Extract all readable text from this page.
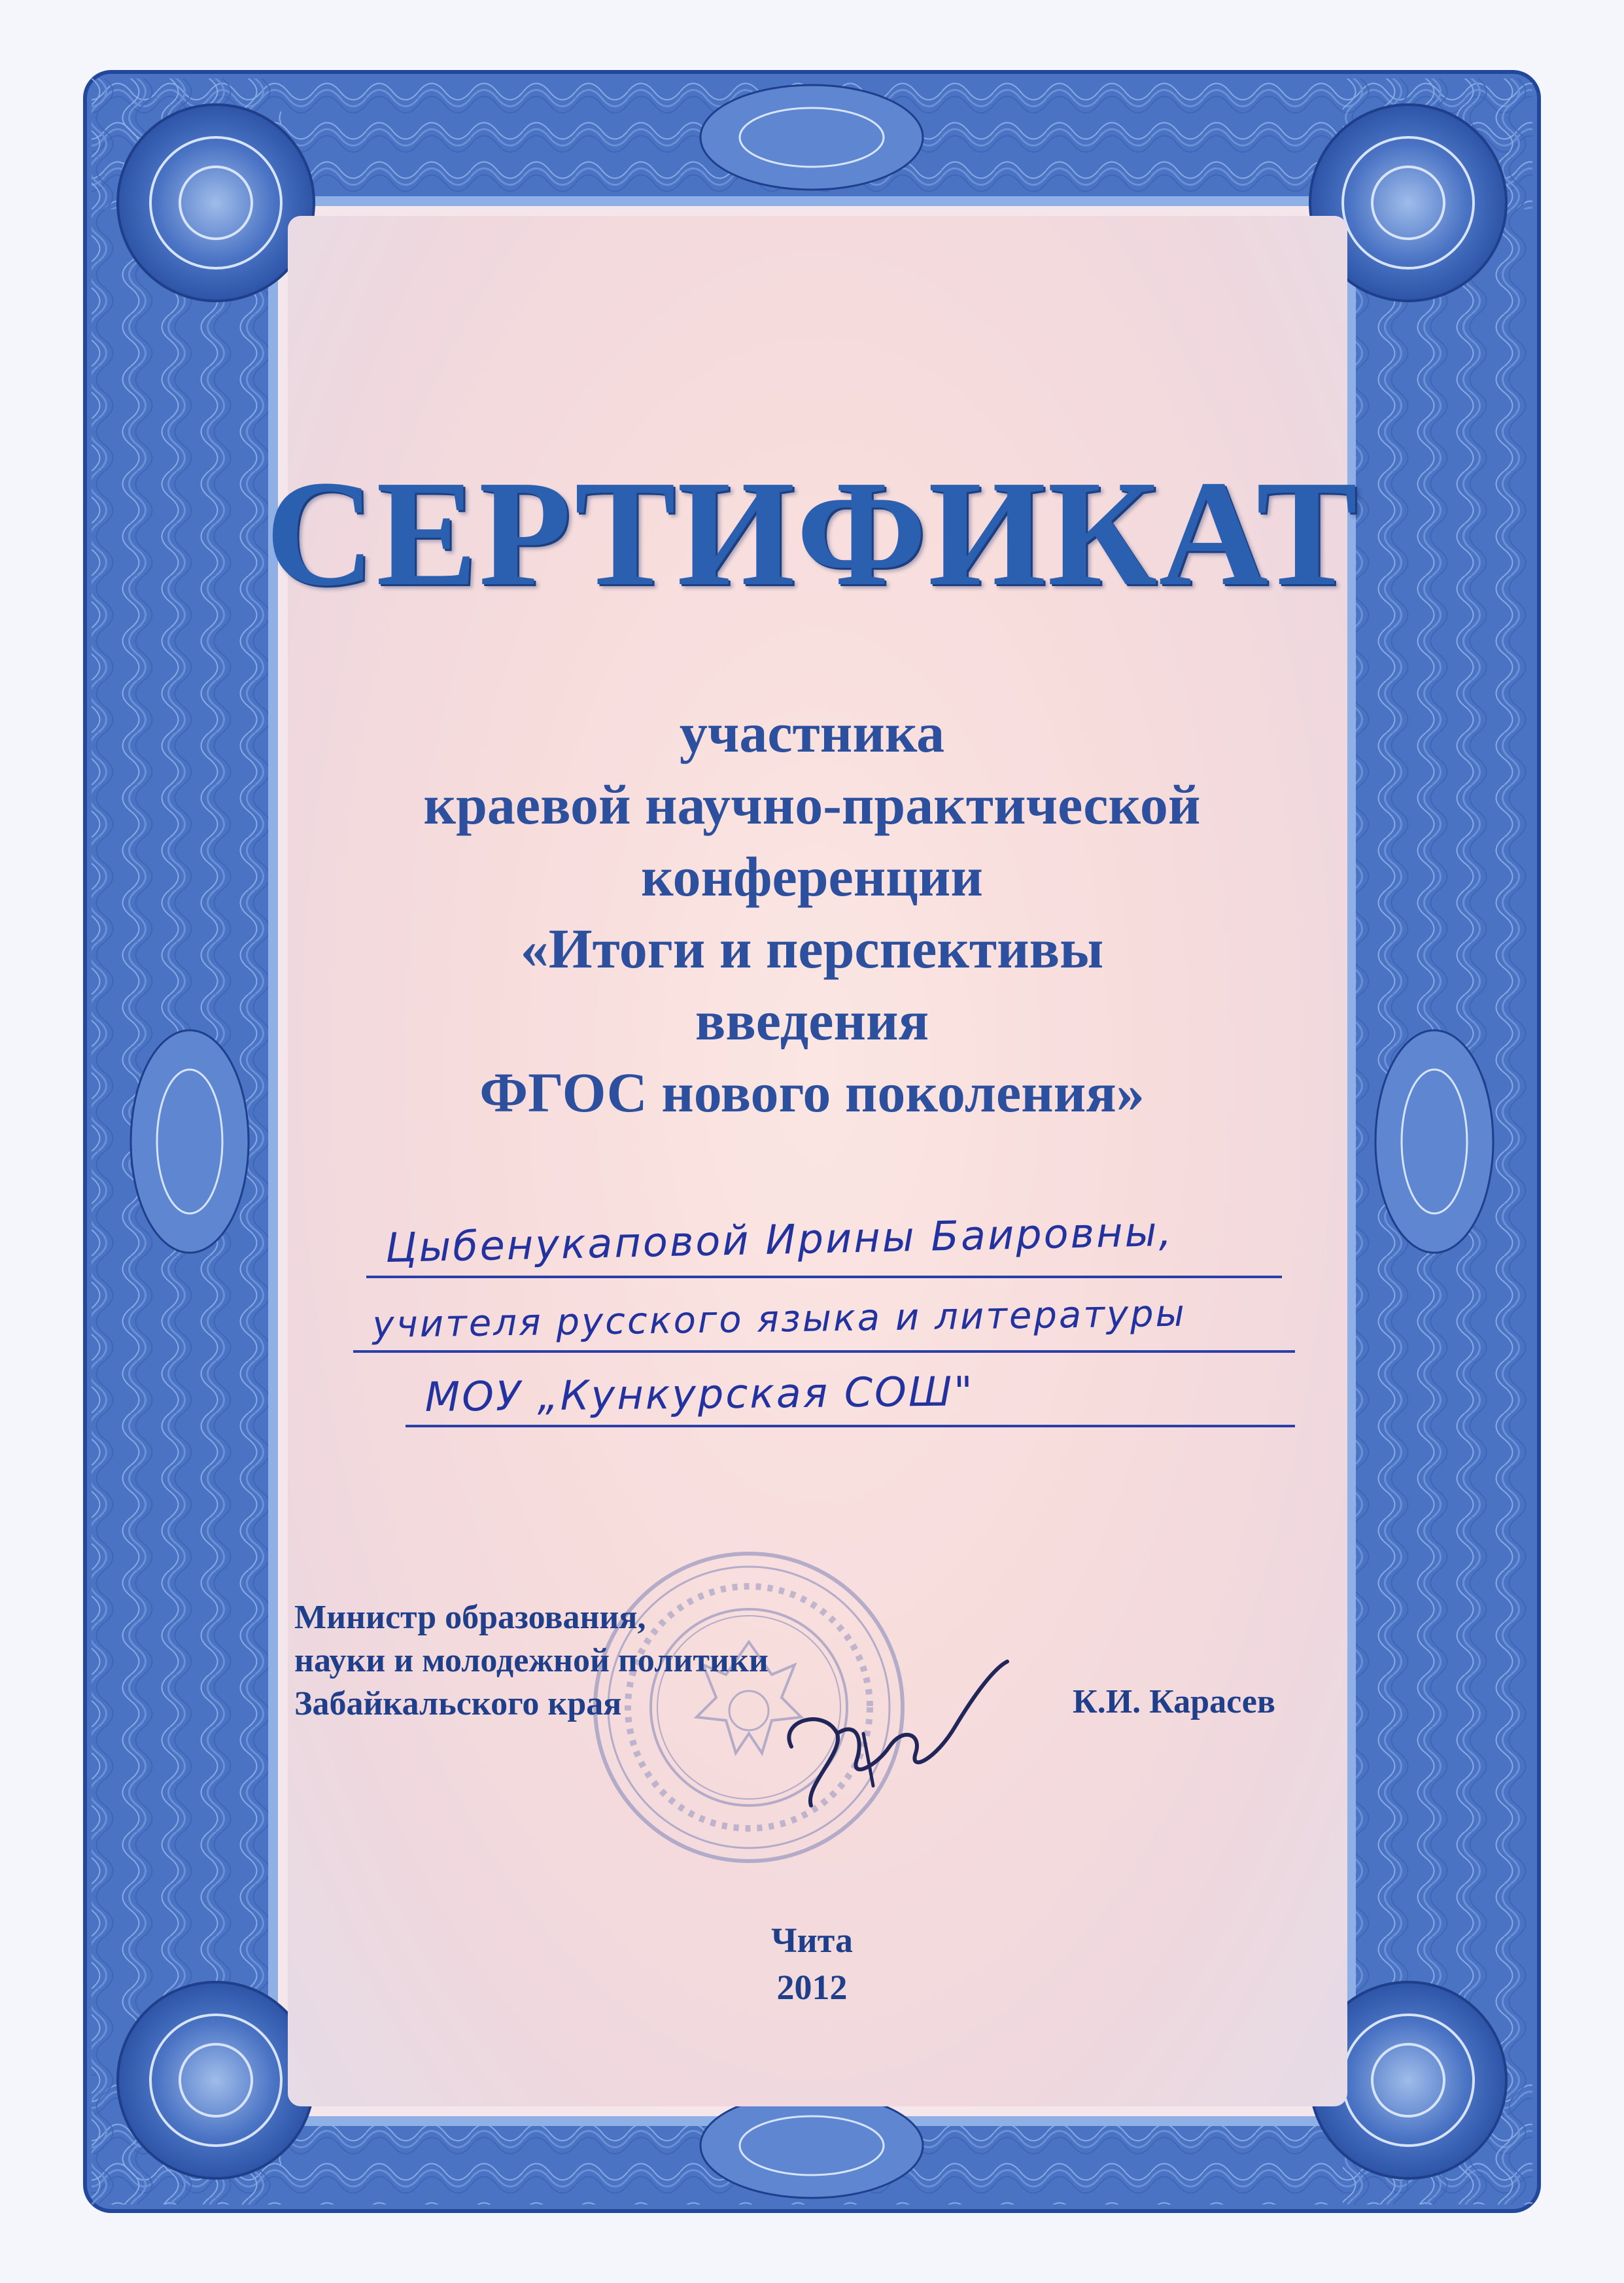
СЕРТИФИКАТ
участника
краевой научно-практической
конференции
«Итоги и перспективы
введения
ФГОС нового поколения»
Цыбенукаповой Ирины Баировны,
учителя русского языка и литературы
МОУ „Кункурская СОШ"
Министр образования,
науки и молодежной политики
Забайкальского края	К.И. Карасев
Чита
2012
